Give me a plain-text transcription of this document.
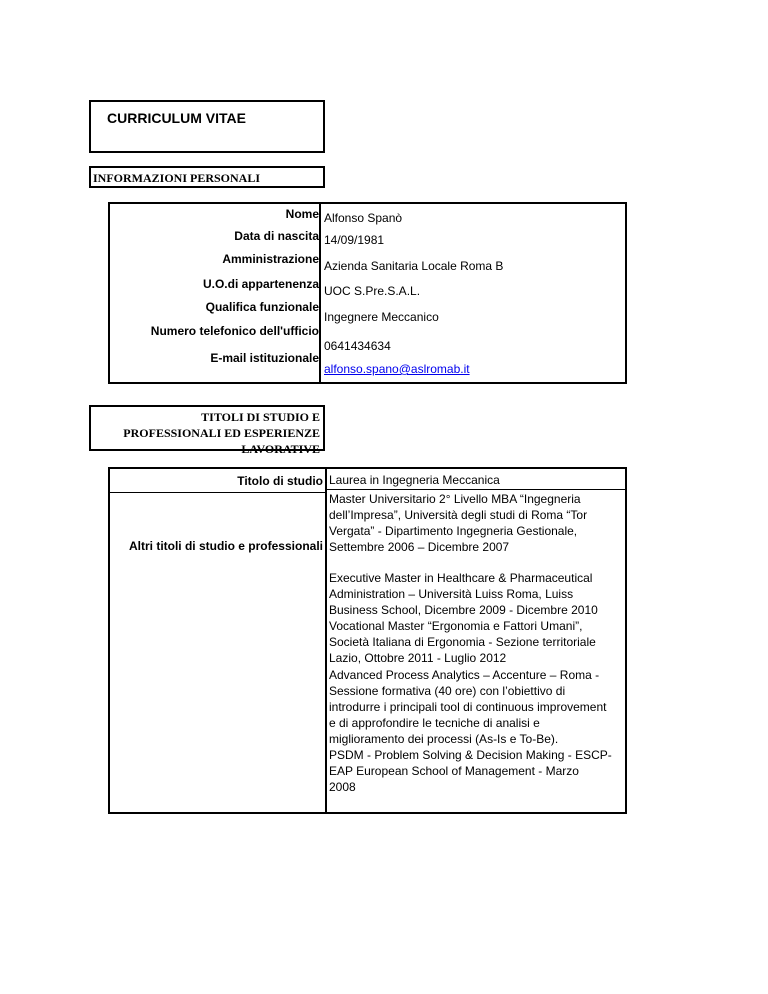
CURRICULUM VITAE
INFORMAZIONI PERSONALI
Nome Alfonso Spanò
Data di nascita 14/09/1981
Amministrazione Azienda Sanitaria Locale Roma B
U.O.di appartenenza UOC S.Pre.S.A.L.
Qualifica funzionale
Ingegnere Meccanico
Numero telefonico dell'ufficio
0641434634
E-mail istituzionale
alfonso.spano@aslromab.it
TITOLI DI STUDIO E
PROFESSIONALI ED ESPERIENZE
LAVORATIVE
Titolo di studio Laurea in Ingegneria Meccanica
Altri titoli di studio e professionali
Master Universitario 2° Livello MBA “Ingegneria
dell’Impresa”, Università degli studi di Roma “Tor
Vergata” - Dipartimento Ingegneria Gestionale,
Settembre 2006 – Dicembre 2007
Executive Master in Healthcare & Pharmaceutical
Administration – Università Luiss Roma, Luiss
Business School, Dicembre 2009 - Dicembre 2010
Vocational Master “Ergonomia e Fattori Umani”,
Società Italiana di Ergonomia - Sezione territoriale
Lazio, Ottobre 2011 - Luglio 2012
Advanced Process Analytics – Accenture – Roma -
Sessione formativa (40 ore) con l’obiettivo di
introdurre i principali tool di continuous improvement
e di approfondire le tecniche di analisi e
miglioramento dei processi (As-Is e To-Be).
PSDM - Problem Solving & Decision Making - ESCP-
EAP European School of Management - Marzo
2008
